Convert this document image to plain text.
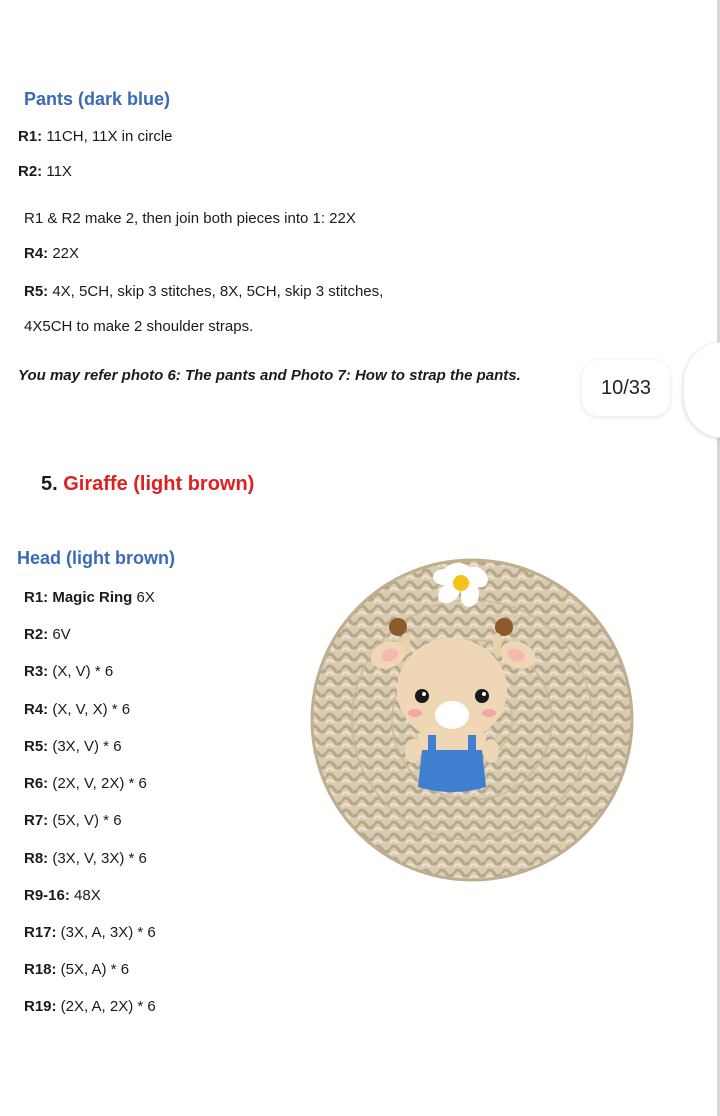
Pants (dark blue)
R1: 11CH, 11X in circle
R2: 11X
R1 & R2 make 2, then join both pieces into 1: 22X
R4: 22X
R5: 4X, 5CH, skip 3 stitches, 8X, 5CH, skip 3 stitches,
4X5CH to make 2 shoulder straps.
You may refer photo 6: The pants and Photo 7: How to strap the pants.
10/33
5. Giraffe (light brown)
Head (light brown)
R1: Magic Ring 6X
R2: 6V
R3: (X, V) * 6
R4: (X, V, X) * 6
R5: (3X, V) * 6
R6: (2X, V, 2X) * 6
R7: (5X, V) * 6
R8: (3X, V, 3X) * 6
R9-16: 48X
R17: (3X, A, 3X) * 6
R18: (5X, A) * 6
R19: (2X, A, 2X) * 6
